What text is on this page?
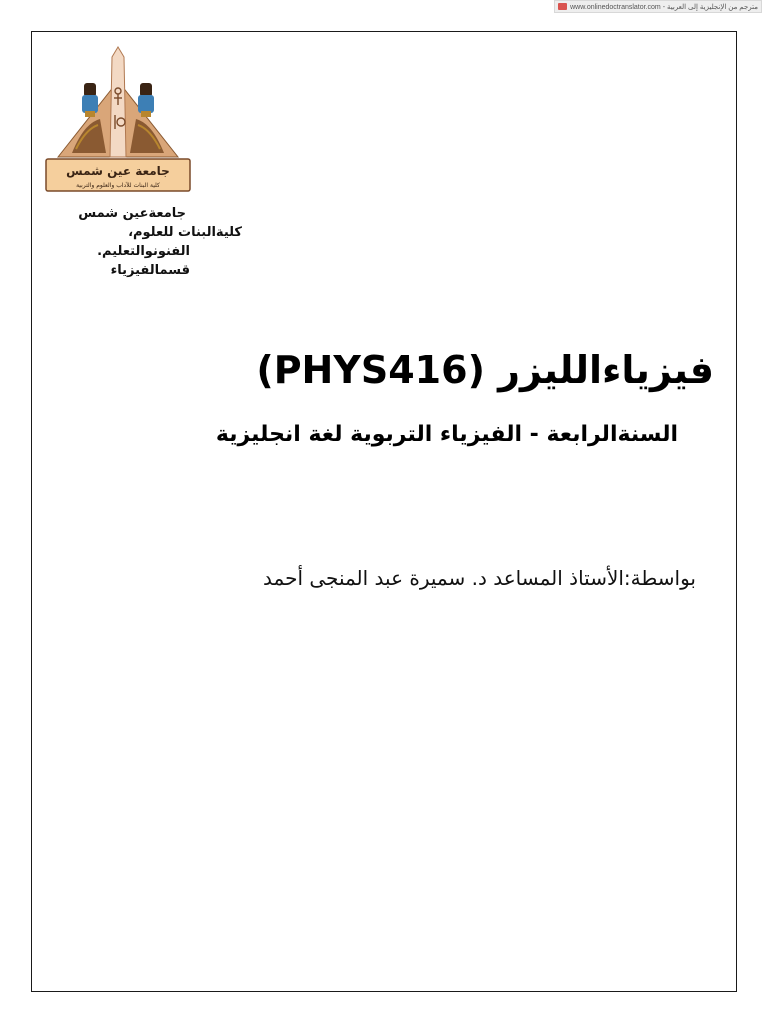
www.onlinedoctranslator.com - مترجم من الإنجليزية إلى العربية
جامعة عين شمس
كلية البنات للآداب والعلوم والتربية
جامعةعين شمس
كليةالبنات للعلوم،
الفنونوالتعليم.
قسمالفيزياء
فيزياءالليزر (PHYS416)
السنةالرابعة - الفيزياء التربوية لغة انجليزية
بواسطة:الأستاذ المساعد د. سميرة عبد المنجى أحمد
